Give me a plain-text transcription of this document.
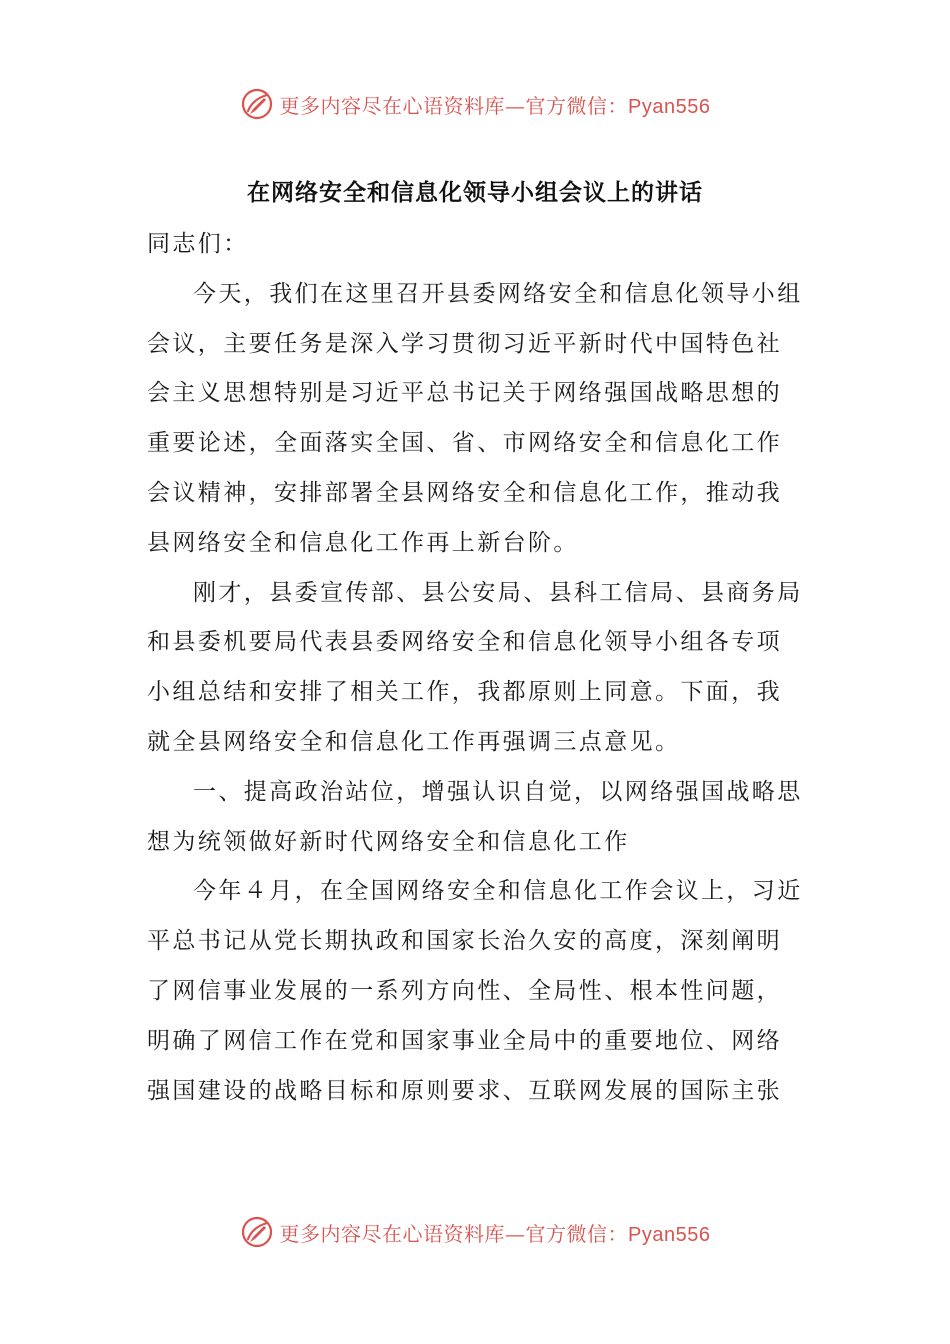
更多内容尽在心语资料库—官方微信：Pyan556
在网络安全和信息化领导小组会议上的讲话

同志们：

今天，我们在这里召开县委网络安全和信息化领导小组会议，主要任务是深入学习贯彻习近平新时代中国特色社会主义思想特别是习近平总书记关于网络强国战略思想的重要论述，全面落实全国、省、市网络安全和信息化工作会议精神，安排部署全县网络安全和信息化工作，推动我县网络安全和信息化工作再上新台阶。

刚才，县委宣传部、县公安局、县科工信局、县商务局和县委机要局代表县委网络安全和信息化领导小组各专项小组总结和安排了相关工作，我都原则上同意。下面，我就全县网络安全和信息化工作再强调三点意见。

一、提高政治站位，增强认识自觉，以网络强国战略思想为统领做好新时代网络安全和信息化工作

今年４月，在全国网络安全和信息化工作会议上，习近平总书记从党长期执政和国家长治久安的高度，深刻阐明了网信事业发展的一系列方向性、全局性、根本性问题，明确了网信工作在党和国家事业全局中的重要地位、网络强国建设的战略目标和原则要求、互联网发展的国际主张

更多内容尽在心语资料库—官方微信：Pyan556
